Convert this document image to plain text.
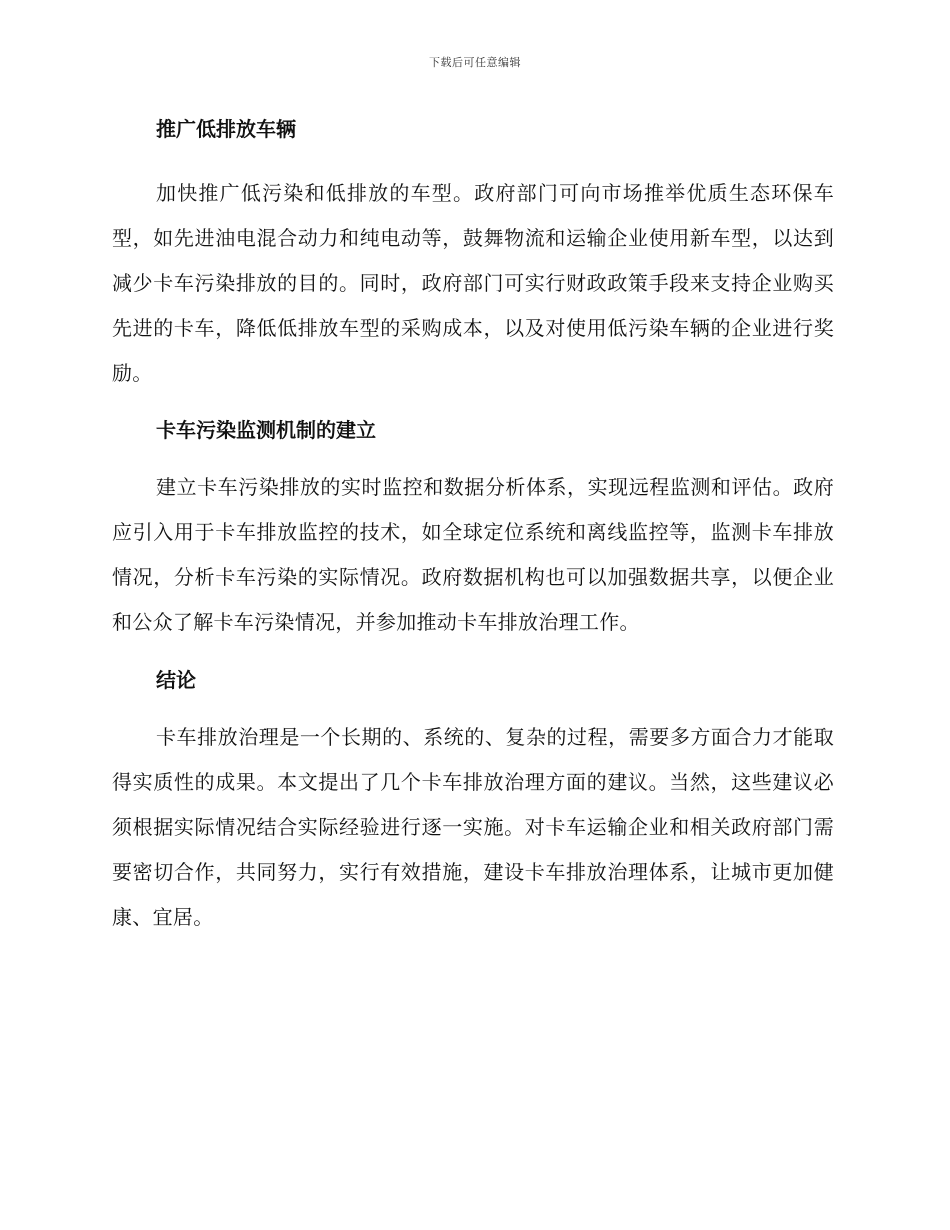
下载后可任意编辑
推广低排放车辆

加快推广低污染和低排放的车型。政府部门可向市场推举优质生态环保车型，如先进油电混合动力和纯电动等，鼓舞物流和运输企业使用新车型，以达到减少卡车污染排放的目的。同时，政府部门可实行财政政策手段来支持企业购买先进的卡车，降低低排放车型的采购成本，以及对使用低污染车辆的企业进行奖励。

卡车污染监测机制的建立

建立卡车污染排放的实时监控和数据分析体系，实现远程监测和评估。政府应引入用于卡车排放监控的技术，如全球定位系统和离线监控等，监测卡车排放情况，分析卡车污染的实际情况。政府数据机构也可以加强数据共享，以便企业和公众了解卡车污染情况，并参加推动卡车排放治理工作。

结论

卡车排放治理是一个长期的、系统的、复杂的过程，需要多方面合力才能取得实质性的成果。本文提出了几个卡车排放治理方面的建议。当然，这些建议必须根据实际情况结合实际经验进行逐一实施。对卡车运输企业和相关政府部门需要密切合作，共同努力，实行有效措施，建设卡车排放治理体系，让城市更加健康、宜居。
